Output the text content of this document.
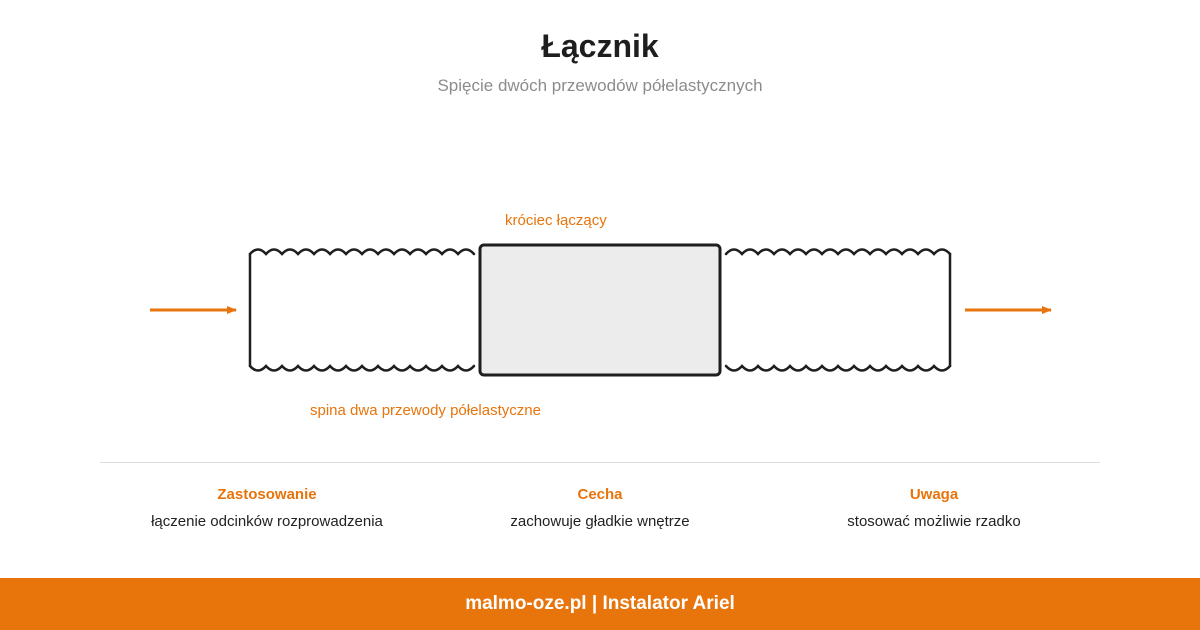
Łącznik
Spięcie dwóch przewodów półelastycznych
króciec łączący
spina dwa przewody półelastyczne
Zastosowanie
łączenie odcinków rozprowadzenia
Cecha
zachowuje gładkie wnętrze
Uwaga
stosować możliwie rzadko
malmo-oze.pl | Instalator Ariel
